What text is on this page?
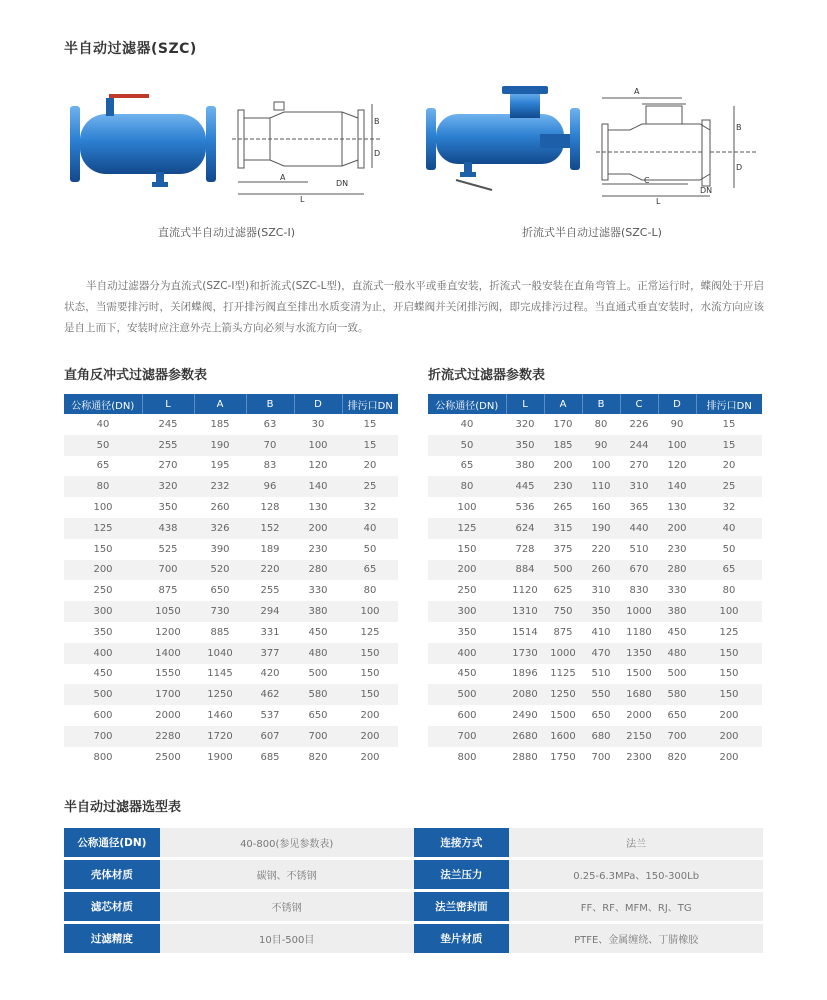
半自动过滤器(SZC)
B
D
A
L
DN
A
B
D
C
L
DN
直流式半自动过滤器(SZC-I)	折流式半自动过滤器(SZC-L)

半自动过滤器分为直流式(SZC-I型)和折流式(SZC-L型)，直流式一般水平或垂直安装，折流式一般安装在直角弯管上。正常运行时，蝶阀处于开启状态，当需要排污时，关闭蝶阀，打开排污阀直至排出水质变清为止，开启蝶阀并关闭排污阀，即完成排污过程。当直通式垂直安装时，水流方向应该是自上而下，安装时应注意外壳上箭头方向必须与水流方向一致。

直角反冲式过滤器参数表	折流式过滤器参数表
公称通径(DN)	L	A	B	D	排污口DN
40	245	185	63	30	15
50	255	190	70	100	15
65	270	195	83	120	20
80	320	232	96	140	25
100	350	260	128	130	32
125	438	326	152	200	40
150	525	390	189	230	50
200	700	520	220	280	65
250	875	650	255	330	80
300	1050	730	294	380	100
350	1200	885	331	450	125
400	1400	1040	377	480	150
450	1550	1145	420	500	150
500	1700	1250	462	580	150
600	2000	1460	537	650	200
700	2280	1720	607	700	200
800	2500	1900	685	820	200
公称通径(DN)	L	A	B	C	D	排污口DN
40	320	170	80	226	90	15
50	350	185	90	244	100	15
65	380	200	100	270	120	20
80	445	230	110	310	140	25
100	536	265	160	365	130	32
125	624	315	190	440	200	40
150	728	375	220	510	230	50
200	884	500	260	670	280	65
250	1120	625	310	830	330	80
300	1310	750	350	1000	380	100
350	1514	875	410	1180	450	125
400	1730	1000	470	1350	480	150
450	1896	1125	510	1500	500	150
500	2080	1250	550	1680	580	150
600	2490	1500	650	2000	650	200
700	2680	1600	680	2150	700	200
800	2880	1750	700	2300	820	200
半自动过滤器选型表
公称通径(DN)	40-800(参见参数表)	连接方式	法兰
壳体材质	碳钢、不锈钢	法兰压力	0.25-6.3MPa、150-300Lb
滤芯材质	不锈钢	法兰密封面	FF、RF、MFM、RJ、TG
过滤精度	10目-500目	垫片材质	PTFE、金属缠绕、丁腈橡胶
